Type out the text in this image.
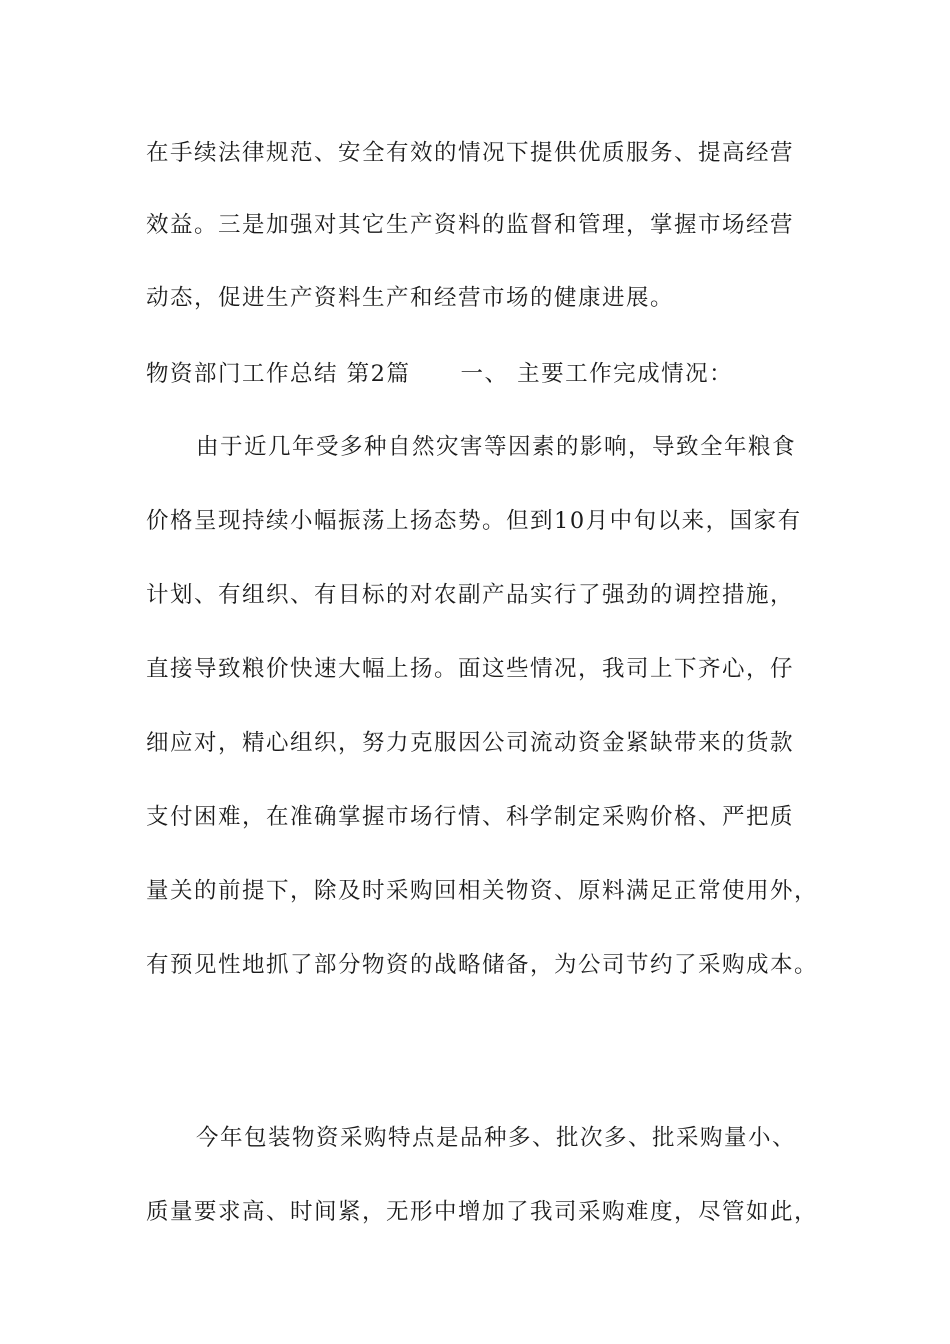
在手续法律规范、安全有效的情况下提供优质服务、提高经营
效益。三是加强对其它生产资料的监督和管理，掌握市场经营
动态，促进生产资料生产和经营市场的健康进展。
物资部门工作总结 第2篇 一、 主要工作完成情况：
由于近几年受多种自然灾害等因素的影响，导致全年粮食
价格呈现持续小幅振荡上扬态势。但到10月中旬以来，国家有
计划、有组织、有目标的对农副产品实行了强劲的调控措施，
直接导致粮价快速大幅上扬。面这些情况，我司上下齐心，仔
细应对，精心组织，努力克服因公司流动资金紧缺带来的货款
支付困难，在准确掌握市场行情、科学制定采购价格、严把质
量关的前提下，除及时采购回相关物资、原料满足正常使用外，
有预见性地抓了部分物资的战略储备，为公司节约了采购成本。
今年包装物资采购特点是品种多、批次多、批采购量小、
质量要求高、时间紧，无形中增加了我司采购难度，尽管如此，
